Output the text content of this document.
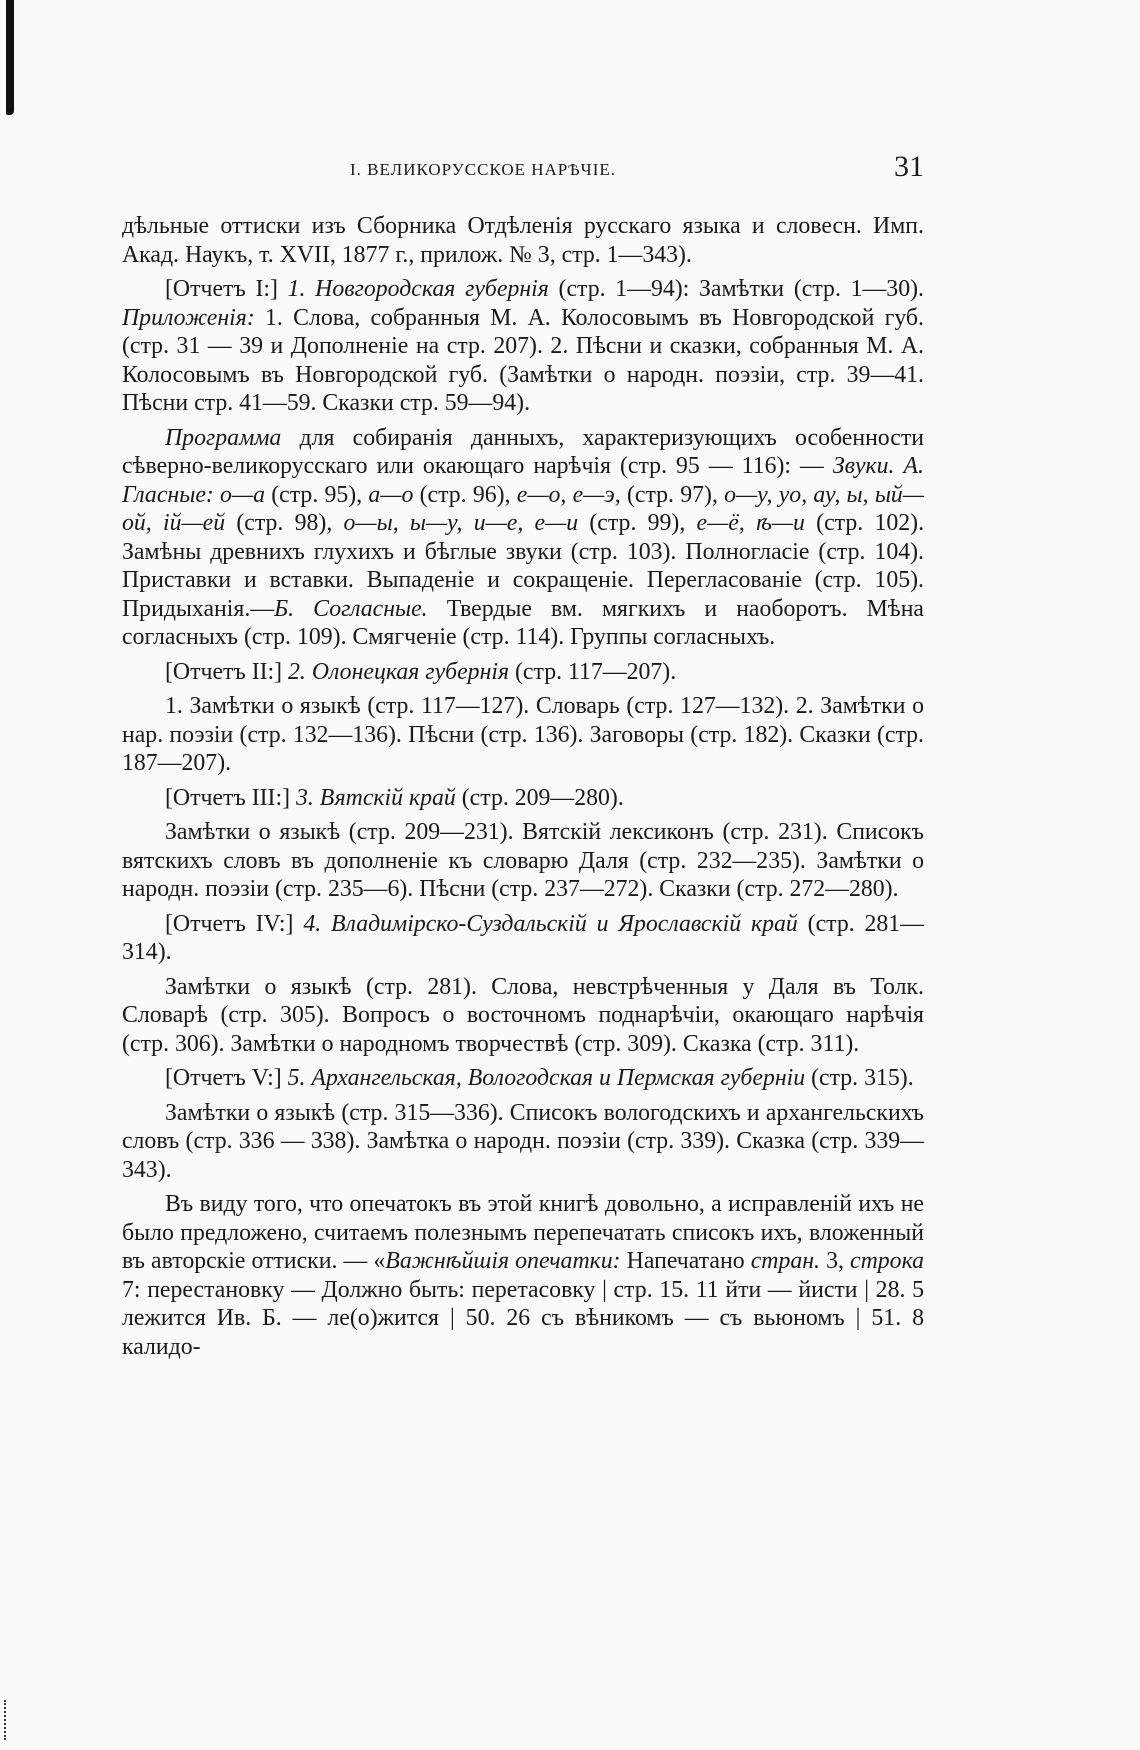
I. ВЕЛИКОРУССКОЕ НАРѢЧІЕ.	31

дѣльные оттиски изъ Сборника Отдѣленія русскаго языка и словесн. Имп. Акад. Наукъ, т. XVII, 1877 г., прилож. № 3, стр. 1—343).

[Отчетъ I:] 1. Новгородская губернія (стр. 1—94): Замѣтки (стр. 1—30). Приложенія: 1. Слова, собранныя М. А. Колосовымъ въ Новгородской губ. (стр. 31 — 39 и Дополненіе на стр. 207). 2. Пѣсни и сказки, собранныя М. А. Колосовымъ въ Новгородской губ. (Замѣтки о народн. поэзіи, стр. 39—41. Пѣсни стр. 41—59. Сказки стр. 59—94).

Программа для собиранія данныхъ, характеризующихъ особенности сѣверно-великорусскаго или окающаго нарѣчія (стр. 95 — 116): — Звуки. А. Гласные: о—а (стр. 95), а—о (стр. 96), е—о, е—э, (стр. 97), о—у, уо, ау, ы, ый—ой, ій—ей (стр. 98), о—ы, ы—у, и—е, е—и (стр. 99), е—ё, ѣ—и (стр. 102). Замѣны древнихъ глухихъ и бѣглые звуки (стр. 103). Полногласіе (стр. 104). Приставки и вставки. Выпаденіе и сокращеніе. Перегласованіе (стр. 105). Придыханія.—Б. Согласные. Твердые вм. мягкихъ и наоборотъ. Мѣна согласныхъ (стр. 109). Смягченіе (стр. 114). Группы согласныхъ.

[Отчетъ II:] 2. Олонецкая губернія (стр. 117—207).

1. Замѣтки о языкѣ (стр. 117—127). Словарь (стр. 127—132). 2. Замѣтки о нар. поэзіи (стр. 132—136). Пѣсни (стр. 136). Заговоры (стр. 182). Сказки (стр. 187—207).

[Отчетъ III:] 3. Вятскій край (стр. 209—280).

Замѣтки о языкѣ (стр. 209—231). Вятскій лексиконъ (стр. 231). Списокъ вятскихъ словъ въ дополненіе къ словарю Даля (стр. 232—235). Замѣтки о народн. поэзіи (стр. 235—6). Пѣсни (стр. 237—272). Сказки (стр. 272—280).

[Отчетъ IV:] 4. Владимірско-Суздальскій и Ярославскій край (стр. 281—314).

Замѣтки о языкѣ (стр. 281). Слова, невстрѣченныя у Даля въ Толк. Словарѣ (стр. 305). Вопросъ о восточномъ поднарѣчіи, окающаго нарѣчія (стр. 306). Замѣтки о народномъ творчествѣ (стр. 309). Сказка (стр. 311).

[Отчетъ V:] 5. Архангельская, Вологодская и Пермская губерніи (стр. 315).

Замѣтки о языкѣ (стр. 315—336). Списокъ вологодскихъ и архангельскихъ словъ (стр. 336 — 338). Замѣтка о народн. поэзіи (стр. 339). Сказка (стр. 339—343).

Въ виду того, что опечатокъ въ этой книгѣ довольно, а исправленій ихъ не было предложено, считаемъ полезнымъ перепечатать списокъ ихъ, вложенный въ авторскіе оттиски. — «Важнѣйшія опечатки: Напечатано стран. 3, строка 7: перестановку — Должно быть: перетасовку | стр. 15. 11 йти — йисти | 28. 5 лежится Ив. Б. — ле(о)жится | 50. 26 съ вѣникомъ — съ вьюномъ | 51. 8 калидо-
